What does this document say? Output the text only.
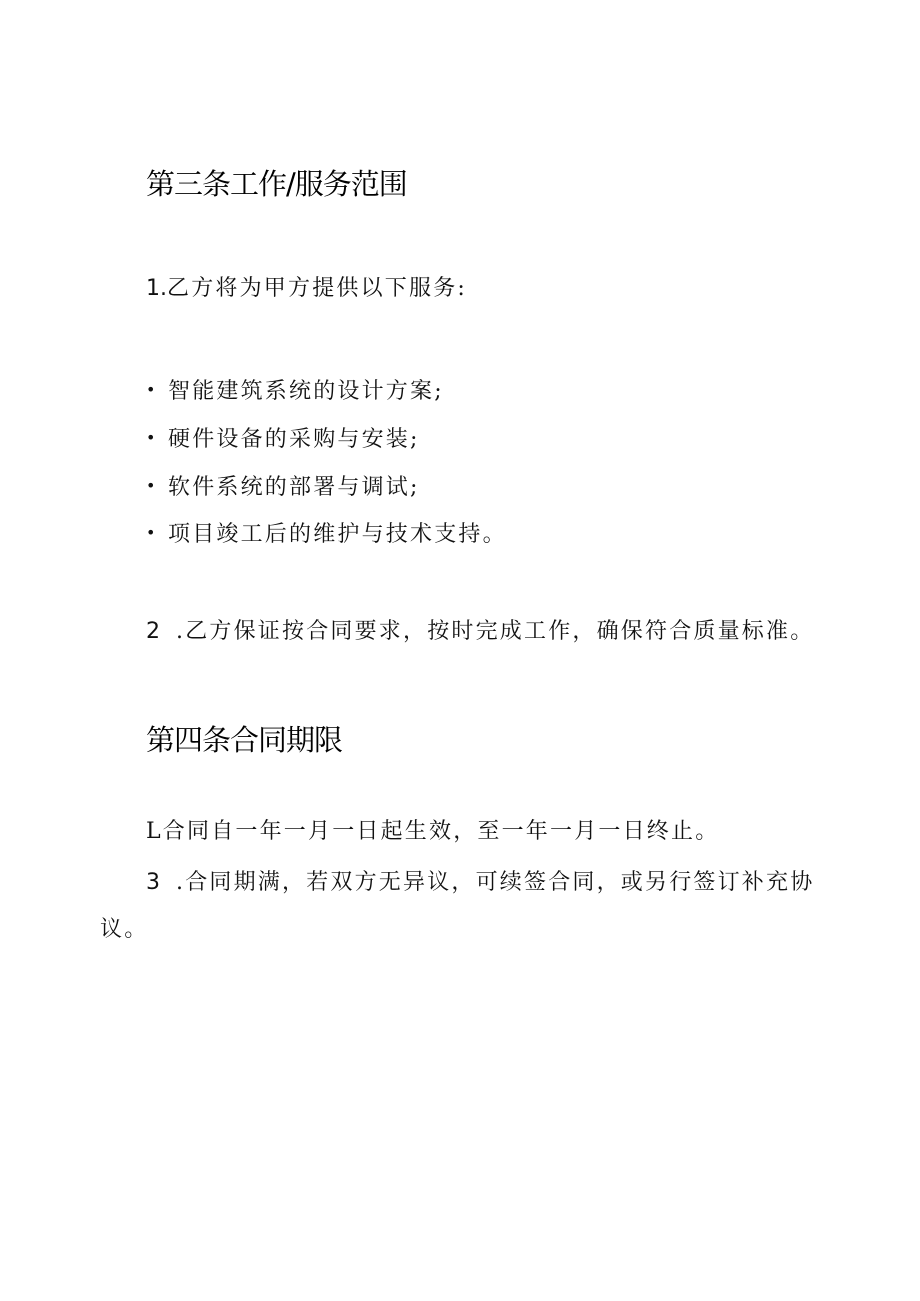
第三条工作/服务范围
1.乙方将为甲方提供以下服务:
• 智能建筑系统的设计方案;
• 硬件设备的采购与安装;
• 软件系统的部署与调试;
• 项目竣工后的维护与技术支持。
2 .乙方保证按合同要求，按时完成工作，确保符合质量标准。
第四条合同期限
L合同自一年一月一日起生效，至一年一月一日终止。
3 .合同期满，若双方无异议，可续签合同，或另行签订补充协
议。
